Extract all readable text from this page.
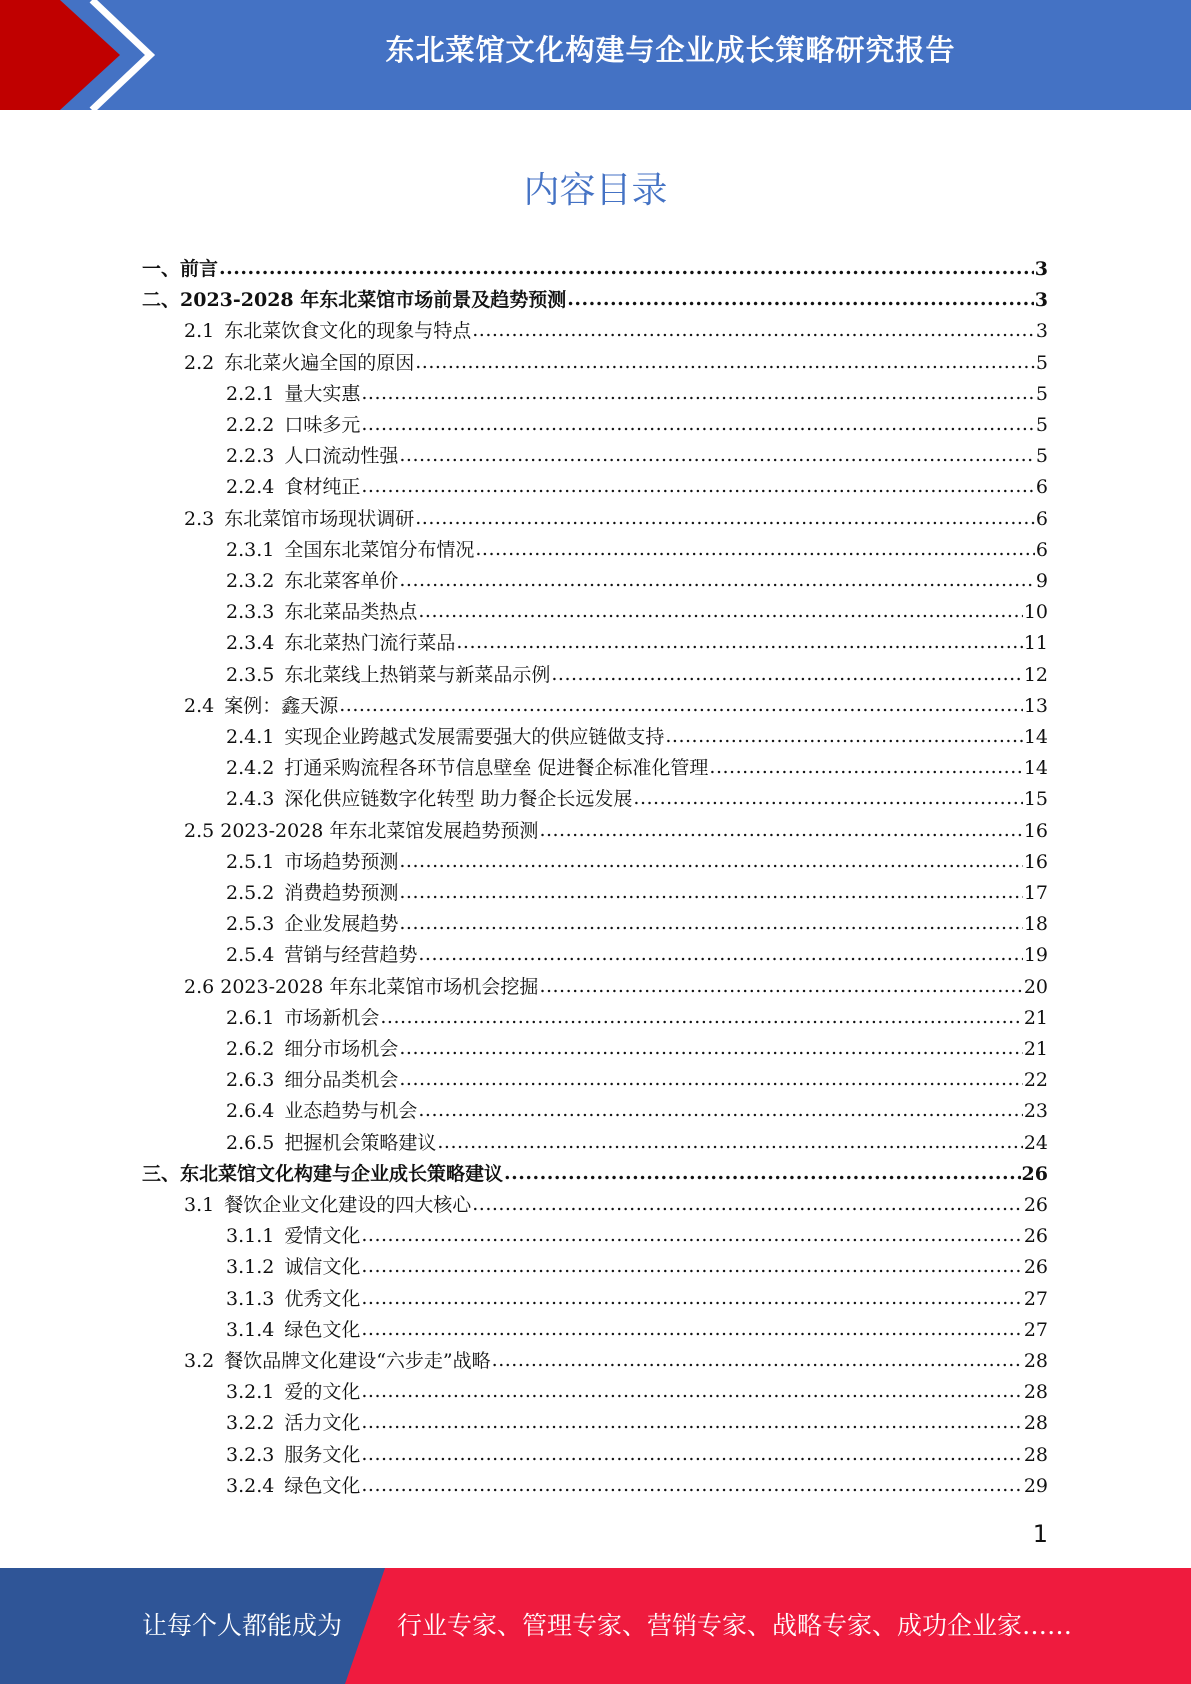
东北菜馆文化构建与企业成长策略研究报告
内容目录
一、前言 .....	3
二、2023-2028 年东北菜馆市场前景及趋势预测 .....	3
2.1 东北菜饮食文化的现象与特点 .....	3
2.2 东北菜火遍全国的原因 .....	5
2.2.1 量大实惠 .....	5
2.2.2 口味多元 .....	5
2.2.3 人口流动性强 .....	5
2.2.4 食材纯正 .....	6
2.3 东北菜馆市场现状调研 .....	6
2.3.1 全国东北菜馆分布情况 .....	6
2.3.2 东北菜客单价 .....	9
2.3.3 东北菜品类热点 .....	10
2.3.4 东北菜热门流行菜品 .....	11
2.3.5 东北菜线上热销菜与新菜品示例 .....	12
2.4 案例：鑫天源 .....	13
2.4.1 实现企业跨越式发展需要强大的供应链做支持 .....	14
2.4.2 打通采购流程各环节信息壁垒 促进餐企标准化管理 .....	14
2.4.3 深化供应链数字化转型 助力餐企长远发展 .....	15
2.5 2023-2028 年东北菜馆发展趋势预测 .....	16
2.5.1 市场趋势预测 .....	16
2.5.2 消费趋势预测 .....	17
2.5.3 企业发展趋势 .....	18
2.5.4 营销与经营趋势 .....	19
2.6 2023-2028 年东北菜馆市场机会挖掘 .....	20
2.6.1 市场新机会 .....	21
2.6.2 细分市场机会 .....	21
2.6.3 细分品类机会 .....	22
2.6.4 业态趋势与机会 .....	23
2.6.5 把握机会策略建议 .....	24
三、东北菜馆文化构建与企业成长策略建议 .....	26
3.1 餐饮企业文化建设的四大核心 .....	26
3.1.1 爱情文化 .....	26
3.1.2 诚信文化 .....	26
3.1.3 优秀文化 .....	27
3.1.4 绿色文化 .....	27
3.2 餐饮品牌文化建设“六步走”战略 .....	28
3.2.1 爱的文化 .....	28
3.2.2 活力文化 .....	28
3.2.3 服务文化 .....	28
3.2.4 绿色文化 .....	29
1
让每个人都能成为 行业专家、管理专家、营销专家、战略专家、成功企业家……
